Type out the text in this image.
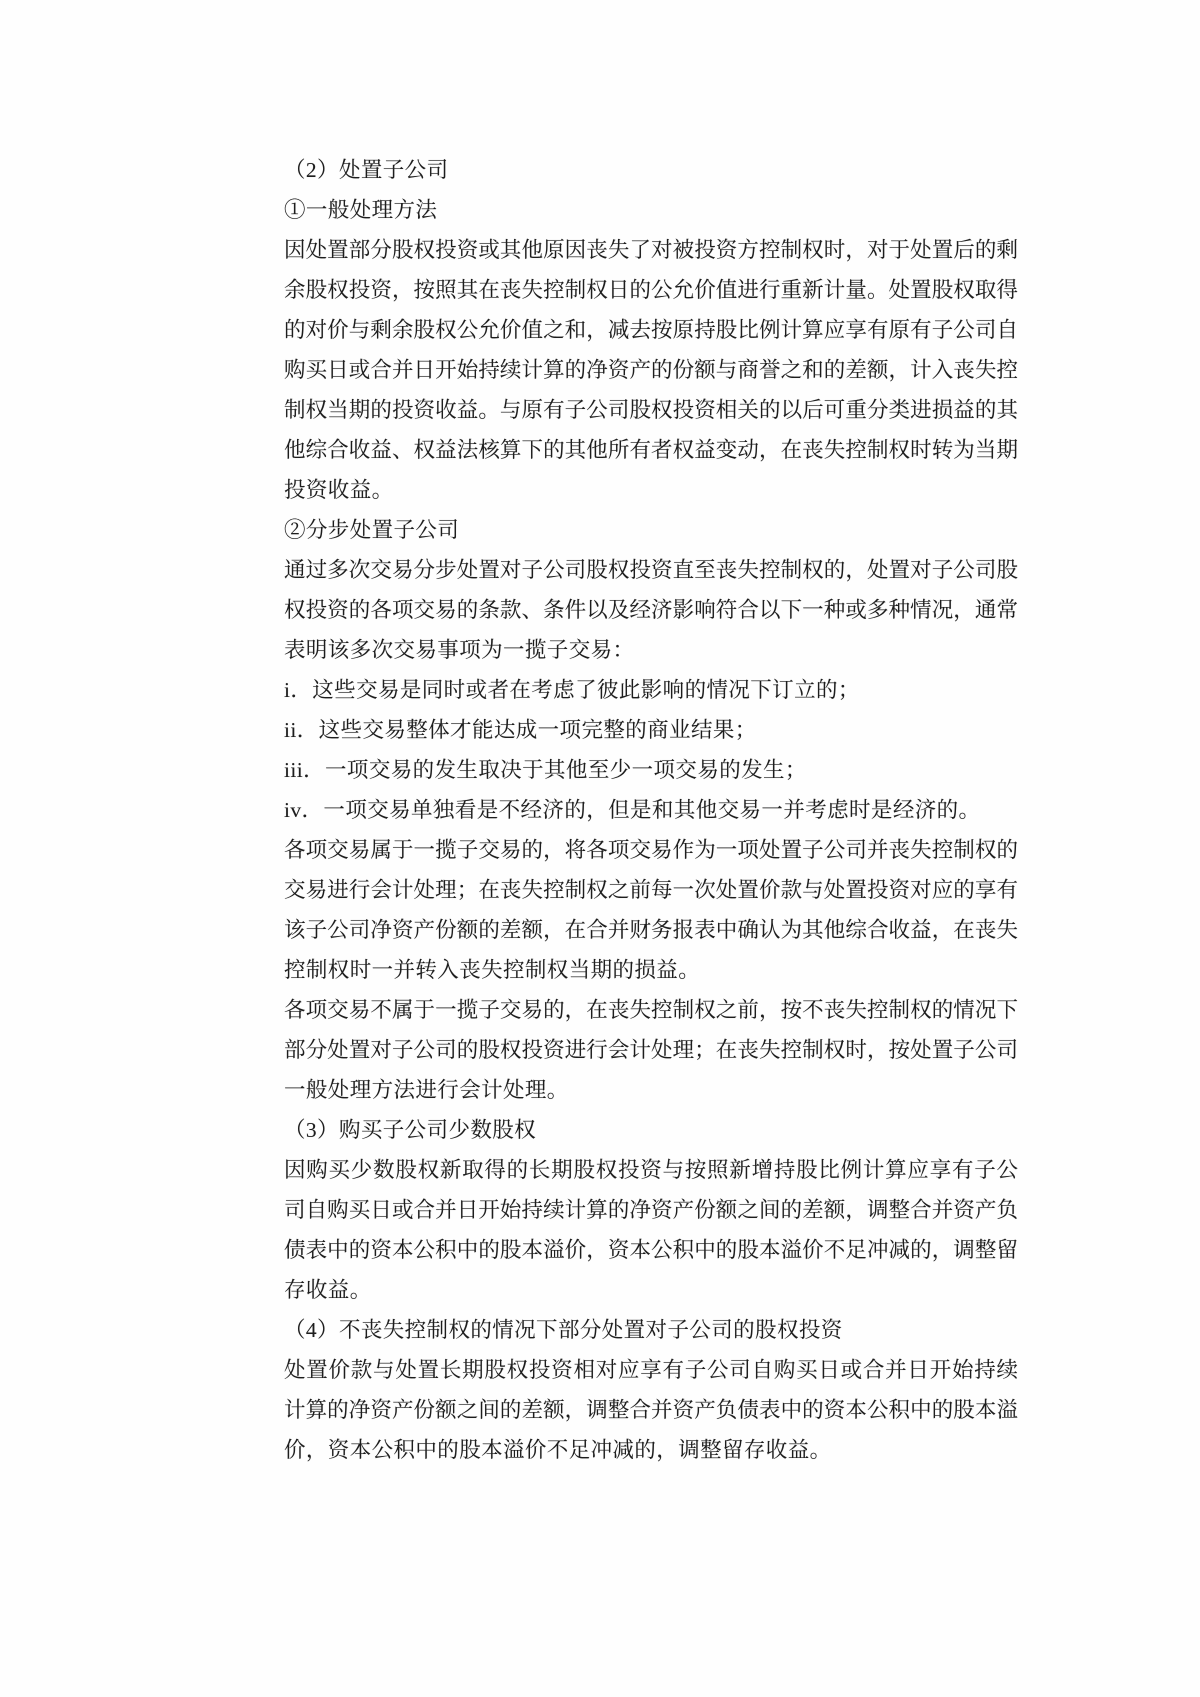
（2）处置子公司
①一般处理方法
因处置部分股权投资或其他原因丧失了对被投资方控制权时，对于处置后的剩
余股权投资，按照其在丧失控制权日的公允价值进行重新计量。处置股权取得
的对价与剩余股权公允价值之和，减去按原持股比例计算应享有原有子公司自
购买日或合并日开始持续计算的净资产的份额与商誉之和的差额，计入丧失控
制权当期的投资收益。与原有子公司股权投资相关的以后可重分类进损益的其
他综合收益、权益法核算下的其他所有者权益变动，在丧失控制权时转为当期
投资收益。
②分步处置子公司
通过多次交易分步处置对子公司股权投资直至丧失控制权的，处置对子公司股
权投资的各项交易的条款、条件以及经济影响符合以下一种或多种情况，通常
表明该多次交易事项为一揽子交易：
i．这些交易是同时或者在考虑了彼此影响的情况下订立的；
ii．这些交易整体才能达成一项完整的商业结果；
iii．一项交易的发生取决于其他至少一项交易的发生；
iv．一项交易单独看是不经济的，但是和其他交易一并考虑时是经济的。
各项交易属于一揽子交易的，将各项交易作为一项处置子公司并丧失控制权的
交易进行会计处理；在丧失控制权之前每一次处置价款与处置投资对应的享有
该子公司净资产份额的差额，在合并财务报表中确认为其他综合收益，在丧失
控制权时一并转入丧失控制权当期的损益。
各项交易不属于一揽子交易的，在丧失控制权之前，按不丧失控制权的情况下
部分处置对子公司的股权投资进行会计处理；在丧失控制权时，按处置子公司
一般处理方法进行会计处理。
（3）购买子公司少数股权
因购买少数股权新取得的长期股权投资与按照新增持股比例计算应享有子公
司自购买日或合并日开始持续计算的净资产份额之间的差额，调整合并资产负
债表中的资本公积中的股本溢价，资本公积中的股本溢价不足冲减的，调整留
存收益。
（4）不丧失控制权的情况下部分处置对子公司的股权投资
处置价款与处置长期股权投资相对应享有子公司自购买日或合并日开始持续
计算的净资产份额之间的差额，调整合并资产负债表中的资本公积中的股本溢
价，资本公积中的股本溢价不足冲减的，调整留存收益。
